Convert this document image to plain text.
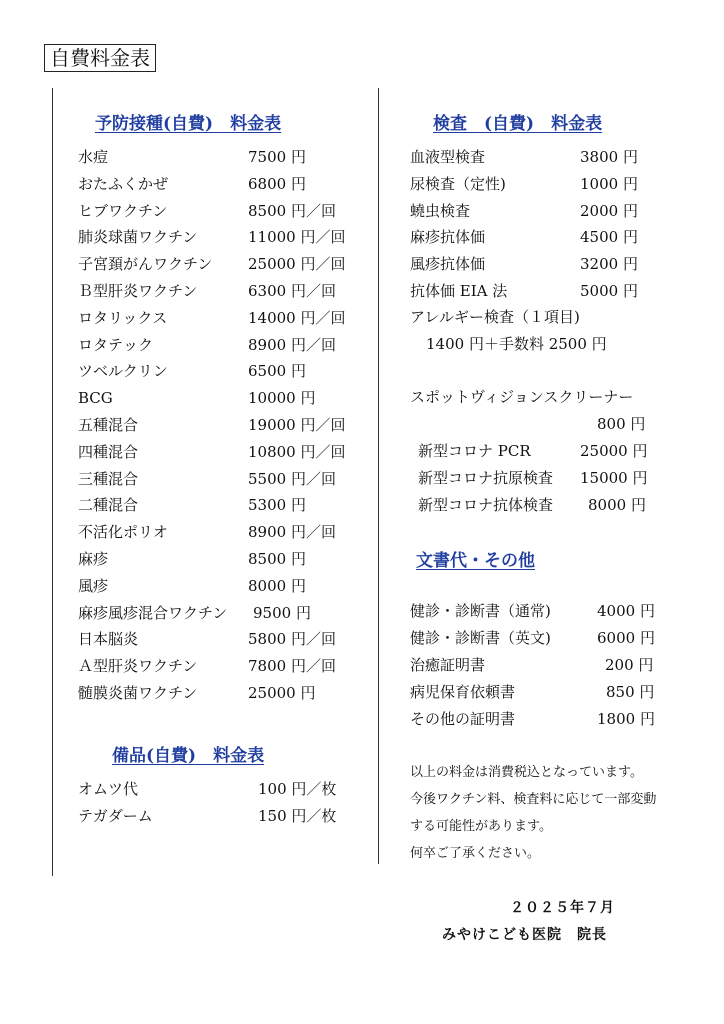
自費料金表
予防接種(自費)　料金表
水痘	7500 円
おたふくかぜ	6800 円
ヒブワクチン	8500 円／回
肺炎球菌ワクチン	11000 円／回
子宮頚がんワクチン 25000 円／回
Ｂ型肝炎ワクチン	6300 円／回
ロタリックス	14000 円／回
ロタテック	8900 円／回
ツベルクリン	6500 円
BCG	10000 円
五種混合	19000 円／回
四種混合	10800 円／回
三種混合	5500 円／回
二種混合	5300 円
不活化ポリオ	8900 円／回
麻疹	8500 円
風疹	8000 円
麻疹風疹混合ワクチン 9500 円
日本脳炎	5800 円／回
Ａ型肝炎ワクチン	7800 円／回
髄膜炎菌ワクチン	25000 円
備品(自費)　料金表
オムツ代	100 円／枚
テガダーム	150 円／枚
検査　(自費)　料金表
血液型検査	3800 円
尿検査（定性)	1000 円
蟯虫検査	2000 円
麻疹抗体価	4500 円
風疹抗体価	3200 円
抗体価 EIA 法	5000 円
アレルギー検査（１項目)
1400 円＋手数料 2500 円
スポットヴィジョンスクリーナー
800 円
新型コロナ PCR	25000 円
新型コロナ抗原検査 15000 円
新型コロナ抗体検査 8000 円
文書代・その他
健診・診断書（通常)	4000 円
健診・診断書（英文)	6000 円
治癒証明書	200 円
病児保育依頼書	850 円
その他の証明書	1800 円
以上の料金は消費税込となっています。
今後ワクチン料、検査料に応じて一部変動
する可能性があります。
何卒ご了承ください。
２０２５年７月
みやけこども医院　院長
